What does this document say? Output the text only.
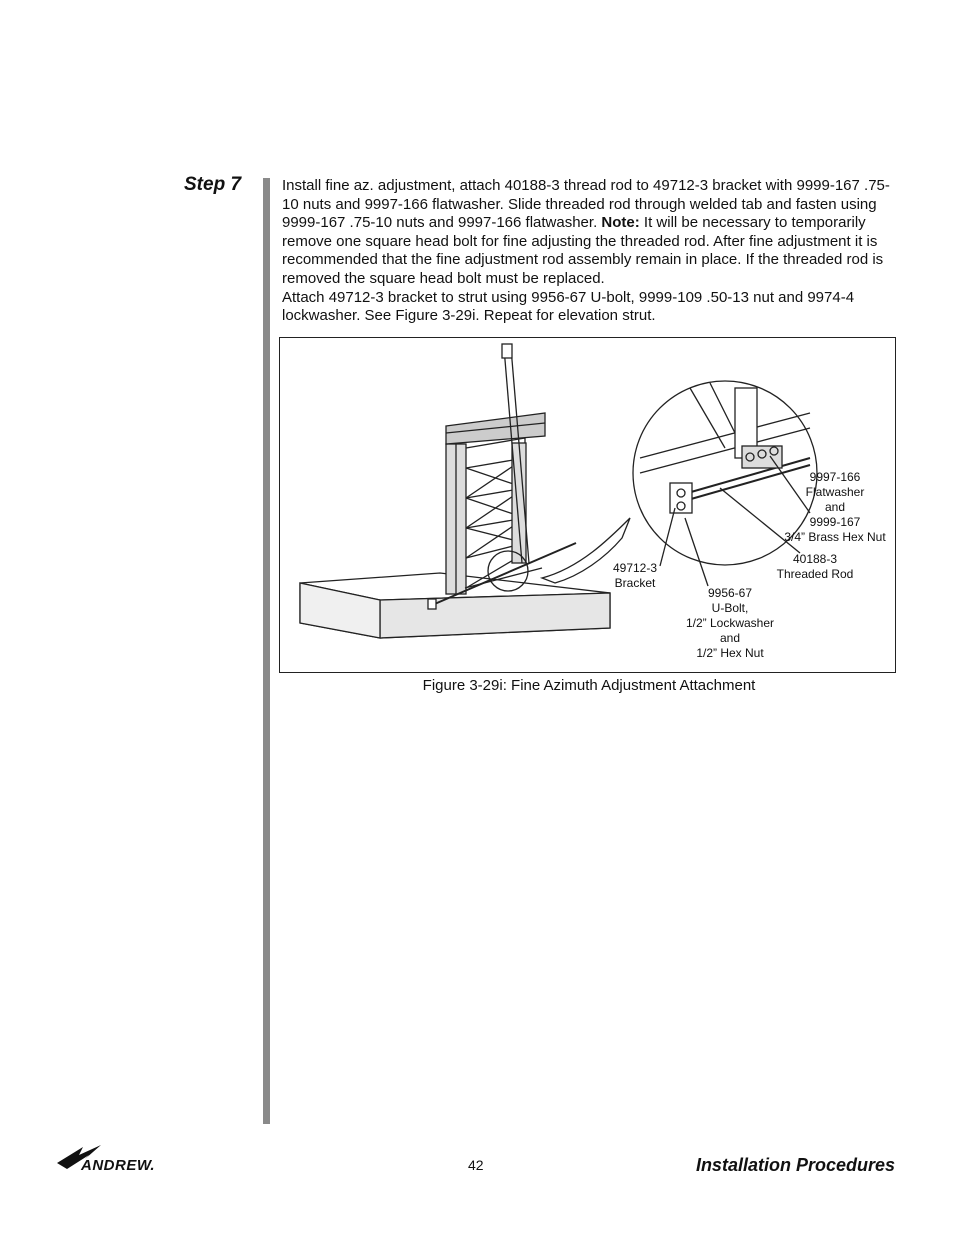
Step 7	Install fine az. adjustment, attach 40188-3 thread rod to 49712-3 bracket with 9999-167 .75-10 nuts and 9997-166 flatwasher. Slide threaded rod through welded tab and fasten using 9999-167 .75-10 nuts and 9997-166 flatwasher. Note: It will be necessary to temporarily remove one square head bolt for fine adjusting the threaded rod. After fine adjustment it is recommended that the fine adjustment rod assembly remain in place. If the threaded rod is removed the square head bolt must be replaced.

Attach 49712-3 bracket to strut using 9956-67 U-bolt, 9999-109 .50-13 nut and 9974-4 lockwasher. See Figure 3-29i. Repeat for elevation strut.

9997-166
Flatwasher
and
9999-167
3/4” Brass Hex Nut
40188-3
Threaded Rod
49712-3
Bracket
9956-67
U-Bolt,
1/2” Lockwasher
and
1/2” Hex Nut
Figure 3-29i: Fine Azimuth Adjustment Attachment
ANDREW.	42	Installation Procedures
